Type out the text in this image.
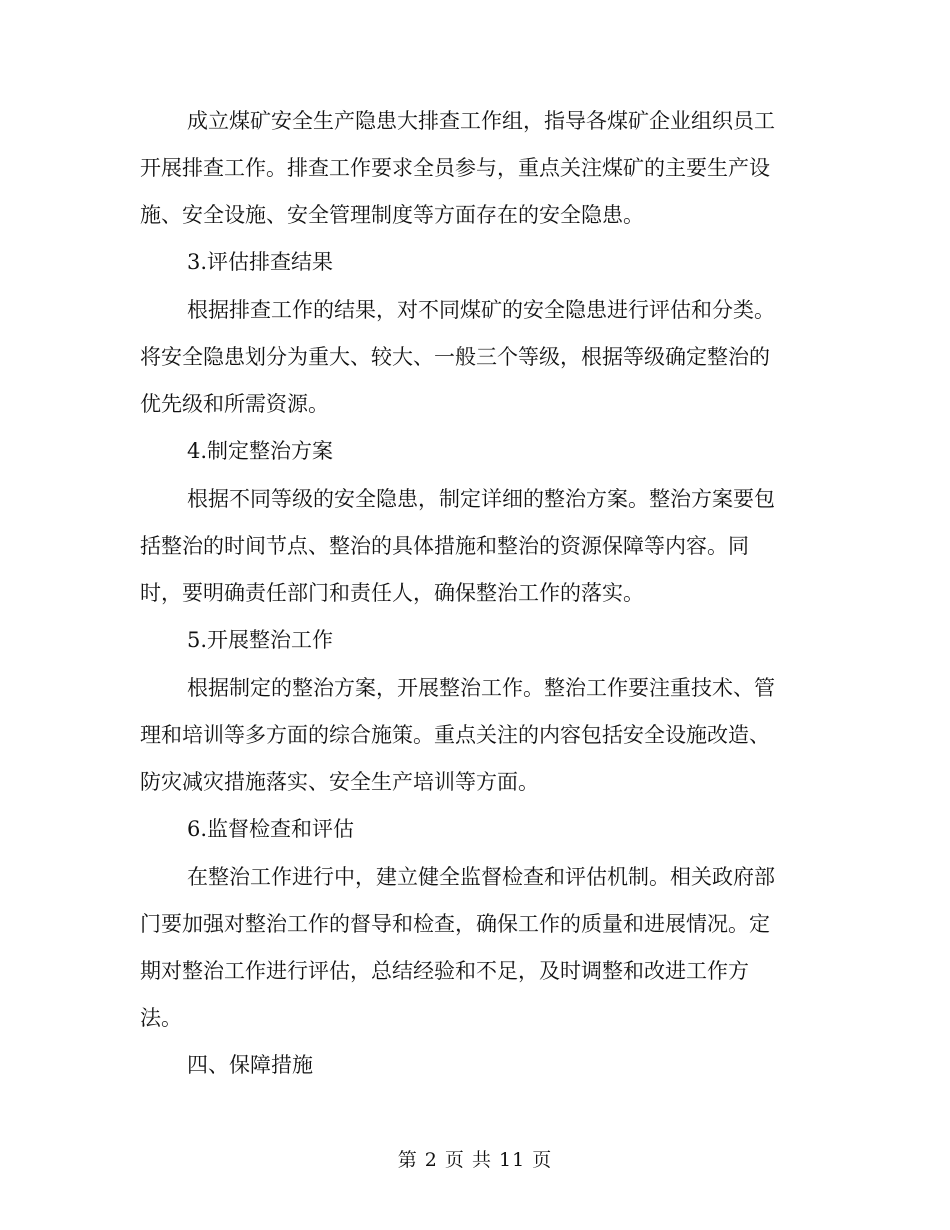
成立煤矿安全生产隐患大排查工作组，指导各煤矿企业组织员工
开展排查工作。排查工作要求全员参与，重点关注煤矿的主要生产设
施、安全设施、安全管理制度等方面存在的安全隐患。
3.评估排查结果
根据排查工作的结果，对不同煤矿的安全隐患进行评估和分类。
将安全隐患划分为重大、较大、一般三个等级，根据等级确定整治的
优先级和所需资源。
4.制定整治方案
根据不同等级的安全隐患，制定详细的整治方案。整治方案要包
括整治的时间节点、整治的具体措施和整治的资源保障等内容。同
时，要明确责任部门和责任人，确保整治工作的落实。
5.开展整治工作
根据制定的整治方案，开展整治工作。整治工作要注重技术、管
理和培训等多方面的综合施策。重点关注的内容包括安全设施改造、
防灾减灾措施落实、安全生产培训等方面。
6.监督检查和评估
在整治工作进行中，建立健全监督检查和评估机制。相关政府部
门要加强对整治工作的督导和检查，确保工作的质量和进展情况。定
期对整治工作进行评估，总结经验和不足，及时调整和改进工作方
法。
四、保障措施
第 2 页 共 11 页
